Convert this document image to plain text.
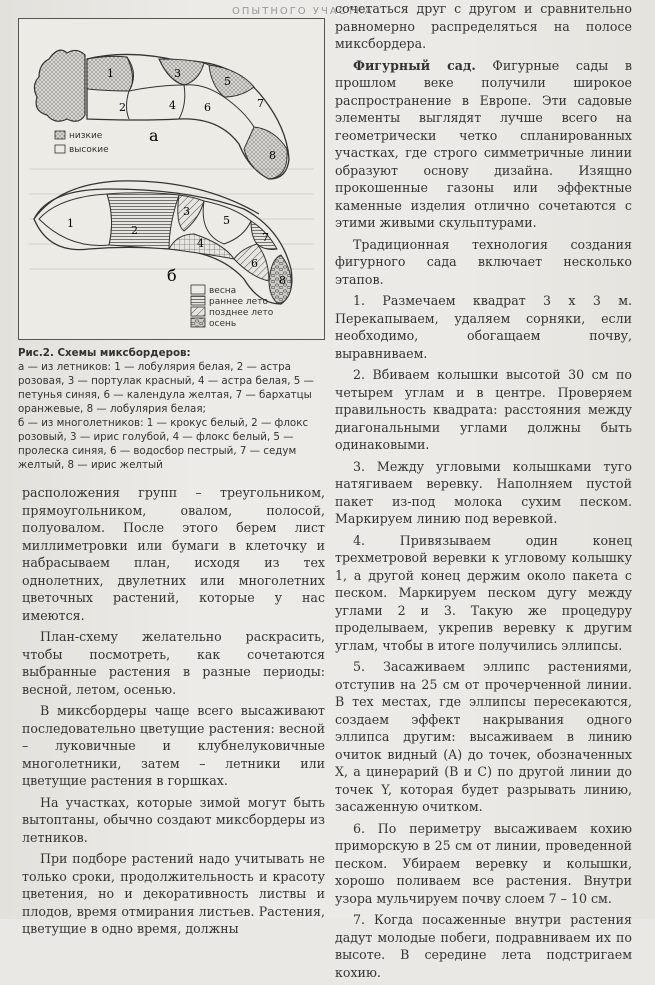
ОПЫТНОГО УЧАСТКА
1
2
3
4
5
6	7
8
а
низкие
высокие
1
2
3
4
5
6
7
8
б
весна
раннее лето
позднее лето
осень
Рис.2. Схемы миксбордеров:
а — из летников: 1 — лобулярия белая, 2 — астра розовая, 3 — портулак красный, 4 — астра белая, 5 — петунья синяя, 6 — календула желтая, 7 — бархатцы оранжевые, 8 — лобулярия белая;
б — из многолетников: 1 — крокус белый, 2 — флокс розовый, 3 — ирис голубой, 4 — флокс белый, 5 — пролеска синяя, 6 — водосбор пестрый, 7 — седум желтый, 8 — ирис желтый

расположения групп – треугольником, прямоугольником, овалом, полосой, полуовалом. После этого берем лист миллиметровки или бумаги в клеточку и набрасываем план, исходя из тех однолетних, двулетних или многолетних цветочных растений, которые у нас имеются.

План-схему желательно раскрасить, чтобы посмотреть, как сочетаются выбранные растения в разные периоды: весной, летом, осенью.

В миксбордеры чаще всего высаживают последовательно цветущие растения: весной – луковичные и клубнелуковичные многолетники, затем – летники или цветущие растения в горшках.

На участках, которые зимой могут быть вытоптаны, обычно создают миксбордеры из летников.

При подборе растений надо учитывать не только сроки, продолжительность и красоту цветения, но и декоративность листвы и плодов, время отмирания листьев. Растения, цветущие в одно время, должны

сочетаться друг с другом и сравнительно равномерно распределяться на полосе миксбордера.

Фигурный сад. Фигурные сады в прошлом веке получили широкое распространение в Европе. Эти садовые элементы выглядят лучше всего на геометрически четко спланированных участках, где строго симметричные линии образуют основу дизайна. Изящно прокошенные газоны или эффектные каменные изделия отлично сочетаются с этими живыми скульптурами.

Традиционная технология создания фигурного сада включает несколько этапов.

1. Размечаем квадрат 3 х 3 м. Перекапываем, удаляем сорняки, если необходимо, обогащаем почву, выравниваем.

2. Вбиваем колышки высотой 30 см по четырем углам и в центре. Проверяем правильность квадрата: расстояния между диагональными углами должны быть одинаковыми.

3. Между угловыми колышками туго натягиваем веревку. Наполняем пустой пакет из-под молока сухим песком. Маркируем линию под веревкой.

4. Привязываем один конец трехметровой веревки к угловому колышку 1, а другой конец держим около пакета с песком. Маркируем песком дугу между углами 2 и 3. Такую же процедуру проделываем, укрепив веревку к другим углам, чтобы в итоге получились эллипсы.

5. Засаживаем эллипс растениями, отступив на 25 см от прочерченной линии. В тех местах, где эллипсы пересекаются, создаем эффект накрывания одного эллипса другим: высаживаем в линию очиток видный (A) до точек, обозначенных X, а цинерарий (B и C) по другой линии до точек Y, которая будет разрывать линию, засаженную очитком.

6. По периметру высаживаем кохию приморскую в 25 см от линии, проведенной песком. Убираем веревку и колышки, хорошо поливаем все растения. Внутри узора мульчируем почву слоем 7 – 10 см.

7. Когда посаженные внутри растения дадут молодые побеги, подравниваем их по высоте. В середине лета подстригаем кохию.
